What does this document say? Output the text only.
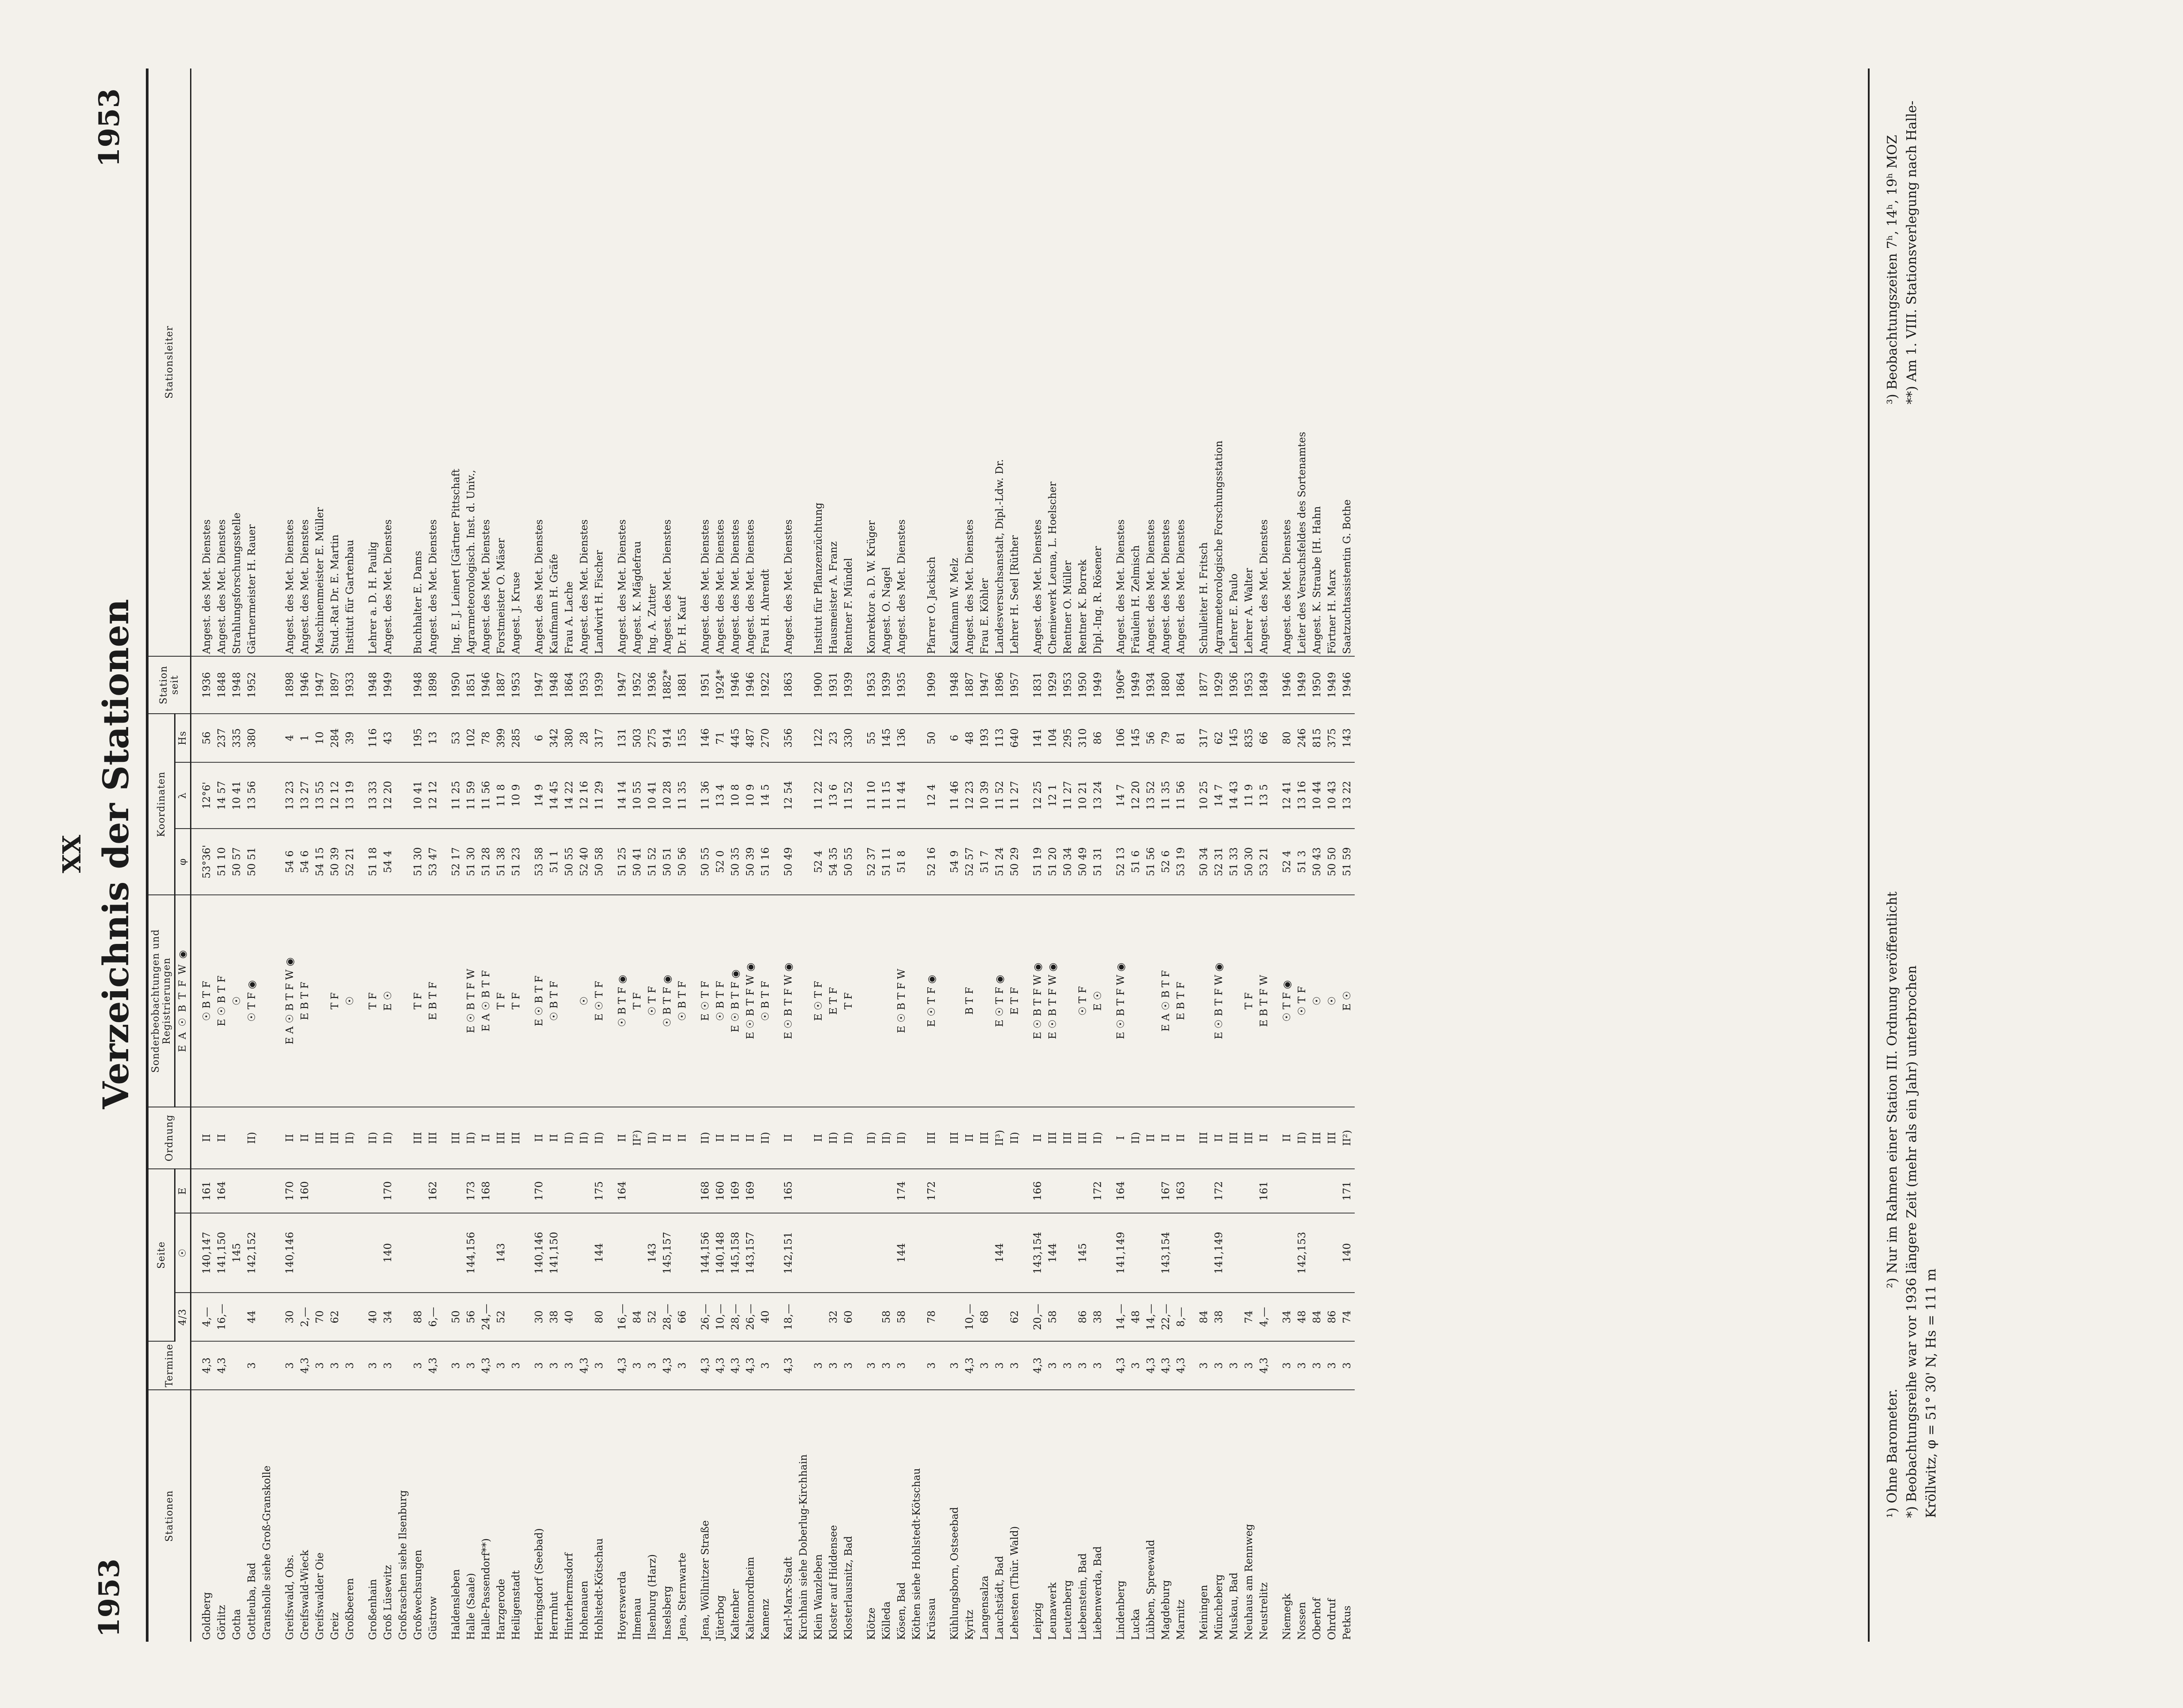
XX
1953
Verzeichnis der Stationen
1953
Stationen	Termine	Seite			Ordnung	Sonderbeobachtungen und Registrierungen	Koordinaten			Station seit	Stationsleiter
		4/3	☉	E		EA☉BTFW◉	φ	λ	Hs		

Goldberg	4,3	4,—	140,147	161	II	☉ B T F	53°36'	12°6'	56	1936	Angest. des Met. Dienstes
Görlitz	4,3	16,—	141,150	164	II	E ☉ B T F	51 10	14 57	237	1848	Angest. des Met. Dienstes
Gotha			145			☉	50 57	10 41	335	1948	Strahlungsforschungsstelle
Gottleuba, Bad	3	44	142,152		II)	☉ T F ◉	50 51	13 56	380	1952	Gärtnermeister H. Rauer
Gransholle siehe Groß-Granskolle											

Greifswald, Obs.	3	30	140,146	170	II	E A ☉ B T F W ◉	54 6	13 23	4	1898	Angest. des Met. Dienstes
Greifswald-Wieck	4,3	2,—		160	II	E B T F	54 6	13 27	1	1946	Angest. des Met. Dienstes
Greifswalder Oie	3	70			III		54 15	13 55	10	1947	Maschinenmeister E. Müller
Greiz	3	62			III	T F	50 39	12 12	284	1897	Stud.-Rat Dr. E. Martin
Großbeeren	3				II)	☉	52 21	13 19	39	1933	Institut für Gartenbau

Großenhain	3	40			II)	T F	51 18	13 33	116	1948	Lehrer a. D. H. Paulig
Groß Lüsewitz	3	34	140	170	II)	E ☉	54 4	12 20	43	1949	Angest. des Met. Dienstes
Großraschen siehe Ilsenburg											
Großwechsungen	3	88			III	T F	51 30	10 41	195	1948	Buchhalter E. Dams
Güstrow	4,3	6,—		162	III	E B T F	53 47	12 12	13	1898	Angest. des Met. Dienstes

Haldensleben	3	50			III		52 17	11 25	53	1950	Ing. E. J. Leinert [Gärtner Pittschaft
Halle (Saale)	3	56	144,156	173	II)	E ☉ B T F W	51 30	11 59	102	1851	Agrarmeteorologisch. Inst. d. Univ.,
Halle-Passendorf**)	4,3	24,—		168	II	E A ☉ B T F	51 28	11 56	78	1946	Angest. des Met. Dienstes
Harzgerode	3	52	143		III	T F	51 38	11 8	399	1887	Forstmeister O. Mäser
Heiligenstadt	3				III	T F	51 23	10 9	285	1953	Angest. J. Kruse

Heringsdorf (Seebad)	3	30	140,146	170	II	E ☉ B T F	53 58	14 9	6	1947	Angest. des Met. Dienstes
Herrnhut	3	38	141,150		II	☉ B T F	51 1	14 45	342	1948	Kaufmann H. Gräfe
Hinterhermsdorf	3	40			II)		50 55	14 22	380	1864	Frau A. Lache
Hohenauen	4,3				II)	☉	52 40	12 16	28	1953	Angest. des Met. Dienstes
Hohlstedt-Kötschau	3	80	144	175	II)	E ☉ T F	50 58	11 29	317	1939	Landwirt H. Fischer

Hoyerswerda	4,3	16,—		164	II	☉ B T F ◉	51 25	14 14	131	1947	Angest. des Met. Dienstes
Ilmenau	3	84			II²)	T F	50 41	10 55	503	1952	Angest. K. Mägdefrau
Ilsenburg (Harz)	3	52	143		II)	☉ T F	51 52	10 41	275	1936	Ing. A. Zutter
Inselsberg	4,3	28,—	145,157		II	☉ B T F ◉	50 51	10 28	914	1882*	Angest. des Met. Dienstes
Jena, Sternwarte	3	66			II	☉ B T F	50 56	11 35	155	1881	Dr. H. Kauf

Jena, Wöllnitzer Straße	4,3	26,—	144,156	168	II)	E ☉ T F	50 55	11 36	146	1951	Angest. des Met. Dienstes
Jüterbog	4,3	10,—	140,148	160	II	☉ B T F	52 0	13 4	71	1924*	Angest. des Met. Dienstes
Kaltenber	4,3	28,—	145,158	169	II	E ☉ B T F ◉	50 35	10 8	445	1946	Angest. des Met. Dienstes
Kaltennordheim	4,3	26,—	143,157	169	II	E ☉ B T F W ◉	50 39	10 9	487	1946	Angest. des Met. Dienstes
Kamenz	3	40			II)	☉ B T F	51 16	14 5	270	1922	Frau H. Ahrendt

Karl-Marx-Stadt	4,3	18,—	142,151	165	II	E ☉ B T F W ◉	50 49	12 54	356	1863	Angest. des Met. Dienstes
Kirchhain siehe Doberlug-Kirchhain											
Klein Wanzleben	3				II	E ☉ T F	52 4	11 22	122	1900	Institut für Pflanzenzüchtung
Kloster auf Hiddensee	3	32			II)	E T F	54 35	13 6	23	1931	Hausmeister A. Franz
Klosterlausnitz, Bad	3	60			II)	T F	50 55	11 52	330	1939	Rentner F. Mündel

Klötze	3				II)		52 37	11 10	55	1953	Konrektor a. D. W. Krüger
Kölleda	3	58			II)		51 11	11 15	145	1939	Angest. O. Nagel
Kösen, Bad	3	58	144	174	II)	E ☉ B T F W	51 8	11 44	136	1935	Angest. des Met. Dienstes
Köthen siehe Hohlstedt-Kötschau											
Krüssau	3	78		172	III	E ☉ T F ◉	52 16	12 4	50	1909	Pfarrer O. Jackisch

Kühlungsborn, Ostseebad	3				III		54 9	11 46	6	1948	Kaufmann W. Melz
Kyritz	4,3	10,—			II	B T F	52 57	12 23	48	1887	Angest. des Met. Dienstes
Langensalza	3	68			III		51 7	10 39	193	1947	Frau E. Köhler
Lauchstädt, Bad	3		144		II³)	E ☉ T F ◉	51 24	11 52	113	1896	Landesversuchsanstalt, Dipl.-Ldw. Dr.
Lehesten (Thür. Wald)	3	62			II)	E T F	50 29	11 27	640	1957	Lehrer H. Seel [Rüther

Leipzig	4,3	20,—	143,154	166	II	E ☉ B T F W ◉	51 19	12 25	141	1831	Angest. des Met. Dienstes
Leunawerk	3	58	144		III	E ☉ B T F W ◉	51 20	12 1	104	1929	Chemiewerk Leuna, L. Hoelscher
Leutenberg	3				III		50 34	11 27	295	1953	Rentner O. Müller
Liebenstein, Bad	3	86	145		III	☉ T F	50 49	10 21	310	1950	Rentner K. Borrek
Liebenwerda, Bad	3	38		172	II)	E ☉	51 31	13 24	86	1949	Dipl.-Ing. R. Rösener

Lindenberg	4,3	14,—	141,149	164	I	E ☉ B T F W ◉	52 13	14 7	106	1906*	Angest. des Met. Dienstes
Lucka	3	48			II)		51 6	12 20	145	1949	Fräulein H. Zelmisch
Lübben, Spreewald	4,3	14,—			II		51 56	13 52	56	1934	Angest. des Met. Dienstes
Magdeburg	4,3	22,—	143,154	167	II	E A ☉ B T F	52 6	11 35	79	1880	Angest. des Met. Dienstes
Marnitz	4,3	8,—		163	II	E B T F	53 19	11 56	81	1864	Angest. des Met. Dienstes

Meiningen	3	84			III		50 34	10 25	317	1877	Schulleiter H. Fritsch
Müncheberg	3	38	141,149	172	II	E ☉ B T F W ◉	52 31	14 7	62	1929	Agrarmeteorologische Forschungsstation
Muskau, Bad	3				III		51 33	14 43	145	1936	Lehrer E. Paulo
Neuhaus am Rennweg	3	74			III	T F	50 30	11 9	835	1953	Lehrer A. Walter
Neustrelitz	4,3	4,—		161	II	E B T F W	53 21	13 5	66	1849	Angest. des Met. Dienstes

Niemegk	3	34			II	☉ T F ◉	52 4	12 41	80	1946	Angest. des Met. Dienstes
Nossen	3	48	142,153		II)	☉ T F	51 3	13 16	246	1949	Leiter des Versuchsfeldes des Sortenamtes
Oberhof	3	84			III	☉	50 43	10 44	815	1950	Angest. K. Straube [H. Hahn
Ohrdruf	3	86			III	☉	50 50	10 43	375	1949	Förtner H. Marx
Petkus	3	74	140	171	II²)	E ☉	51 59	13 22	143	1946	Saatzuchtassistentin G. Bothe
¹) Ohne Barometer.
²) Nur im Rahmen einer Station III. Ordnung veröffentlicht
³) Beobachtungszeiten 7ʰ, 14ʰ, 19ʰ MOZ
*) Beobachtungsreihe war vor 1936 längere Zeit (mehr als ein Jahr) unterbrochen
**) Am 1. VIII. Stationsverlegung nach Halle-
Kröllwitz, φ = 51° 30' N, Hs = 111 m
